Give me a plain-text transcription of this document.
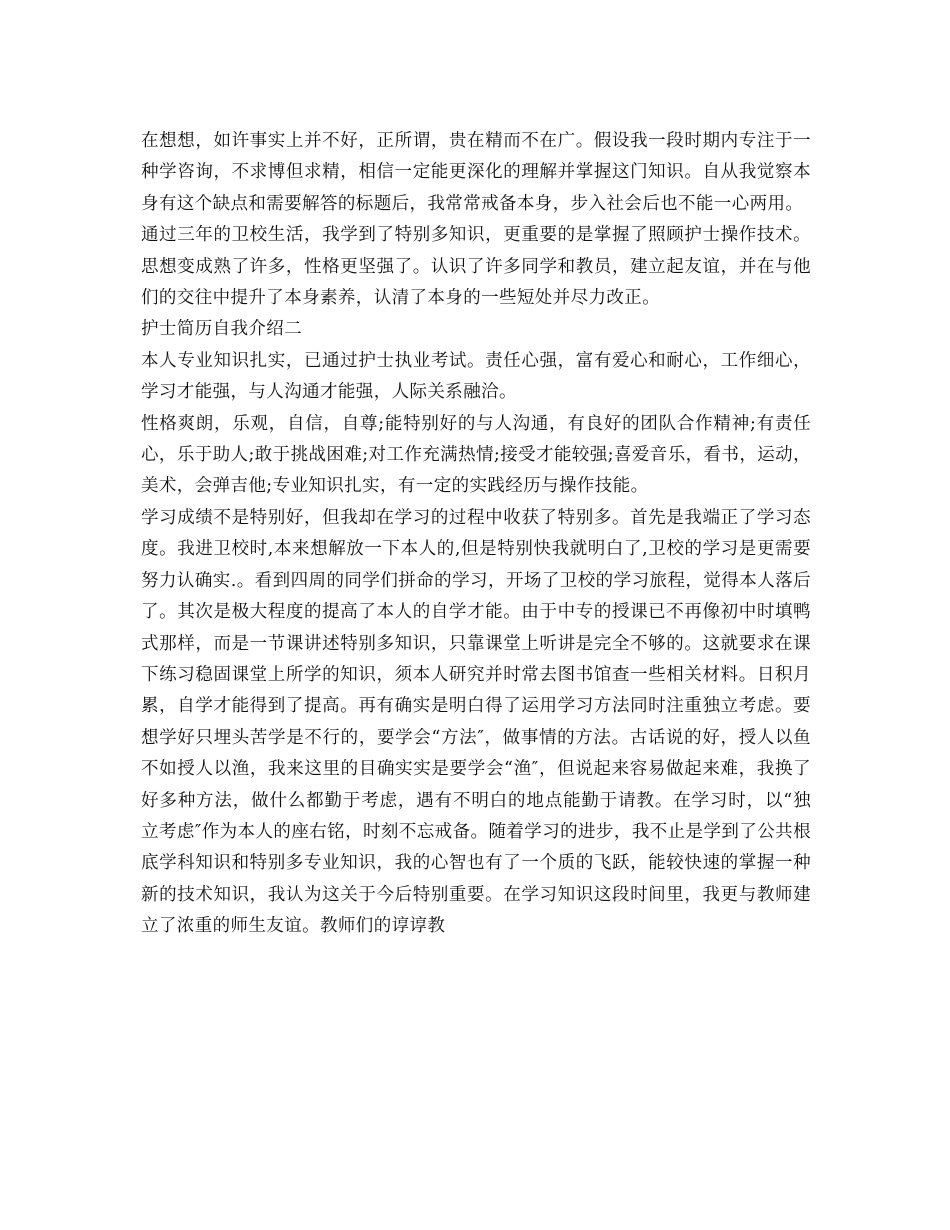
在想想，如许事实上并不好，正所谓，贵在精而不在广。假设我一段时期内专注于一种学咨询，不求博但求精，相信一定能更深化的理解并掌握这门知识。自从我觉察本身有这个缺点和需要解答的标题后，我常常戒备本身，步入社会后也不能一心两用。

通过三年的卫校生活，我学到了特别多知识，更重要的是掌握了照顾护士操作技术。思想变成熟了许多，性格更坚强了。认识了许多同学和教员，建立起友谊，并在与他们的交往中提升了本身素养，认清了本身的一些短处并尽力改正。

护士简历自我介绍二

本人专业知识扎实，已通过护士执业考试。责任心强，富有爱心和耐心，工作细心，学习才能强，与人沟通才能强，人际关系融洽。

性格爽朗，乐观，自信，自尊;能特别好的与人沟通，有良好的团队合作精神;有责任心，乐于助人;敢于挑战困难;对工作充满热情;接受才能较强;喜爱音乐，看书，运动，美术，会弹吉他;专业知识扎实，有一定的实践经历与操作技能。

学习成绩不是特别好，但我却在学习的过程中收获了特别多。首先是我端正了学习态度。我进卫校时,本来想解放一下本人的,但是特别快我就明白了,卫校的学习是更需要努力认确实.。看到四周的同学们拼命的学习，开场了卫校的学习旅程，觉得本人落后了。其次是极大程度的提高了本人的自学才能。由于中专的授课已不再像初中时填鸭式那样，而是一节课讲述特别多知识，只靠课堂上听讲是完全不够的。这就要求在课下练习稳固课堂上所学的知识，须本人研究并时常去图书馆查一些相关材料。日积月累，自学才能得到了提高。再有确实是明白得了运用学习方法同时注重独立考虑。要想学好只埋头苦学是不行的，要学会“方法″，做事情的方法。古话说的好，授人以鱼不如授人以渔，我来这里的目确实实是要学会“渔″，但说起来容易做起来难，我换了好多种方法，做什么都勤于考虑，遇有不明白的地点能勤于请教。在学习时，以“独立考虑″作为本人的座右铭，时刻不忘戒备。随着学习的进步，我不止是学到了公共根底学科知识和特别多专业知识，我的心智也有了一个质的飞跃，能较快速的掌握一种新的技术知识，我认为这关于今后特别重要。在学习知识这段时间里，我更与教师建立了浓重的师生友谊。教师们的谆谆教
